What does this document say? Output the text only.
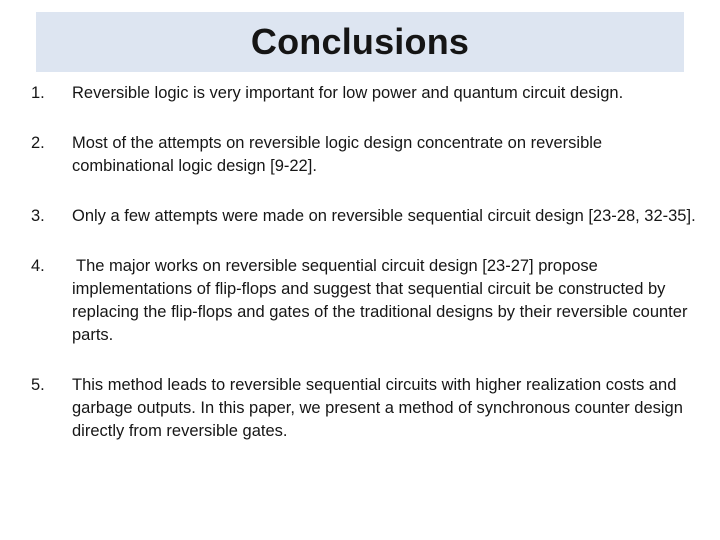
Conclusions
1.	Reversible logic is very important for low power and quantum circuit design.
2.	Most of the attempts on reversible logic design concentrate on reversible combinational logic design [9-22].
3.	Only a few attempts were made on reversible sequential circuit design [23-28, 32-35].
4.	The major works on reversible sequential circuit design [23-27] propose implementations of flip-flops and suggest that sequential circuit be constructed by replacing the flip-flops and gates of the traditional designs by their reversible counter parts.
5.	This method leads to reversible sequential circuits with higher realization costs and garbage outputs. In this paper, we present a method of synchronous counter design directly from reversible gates.
